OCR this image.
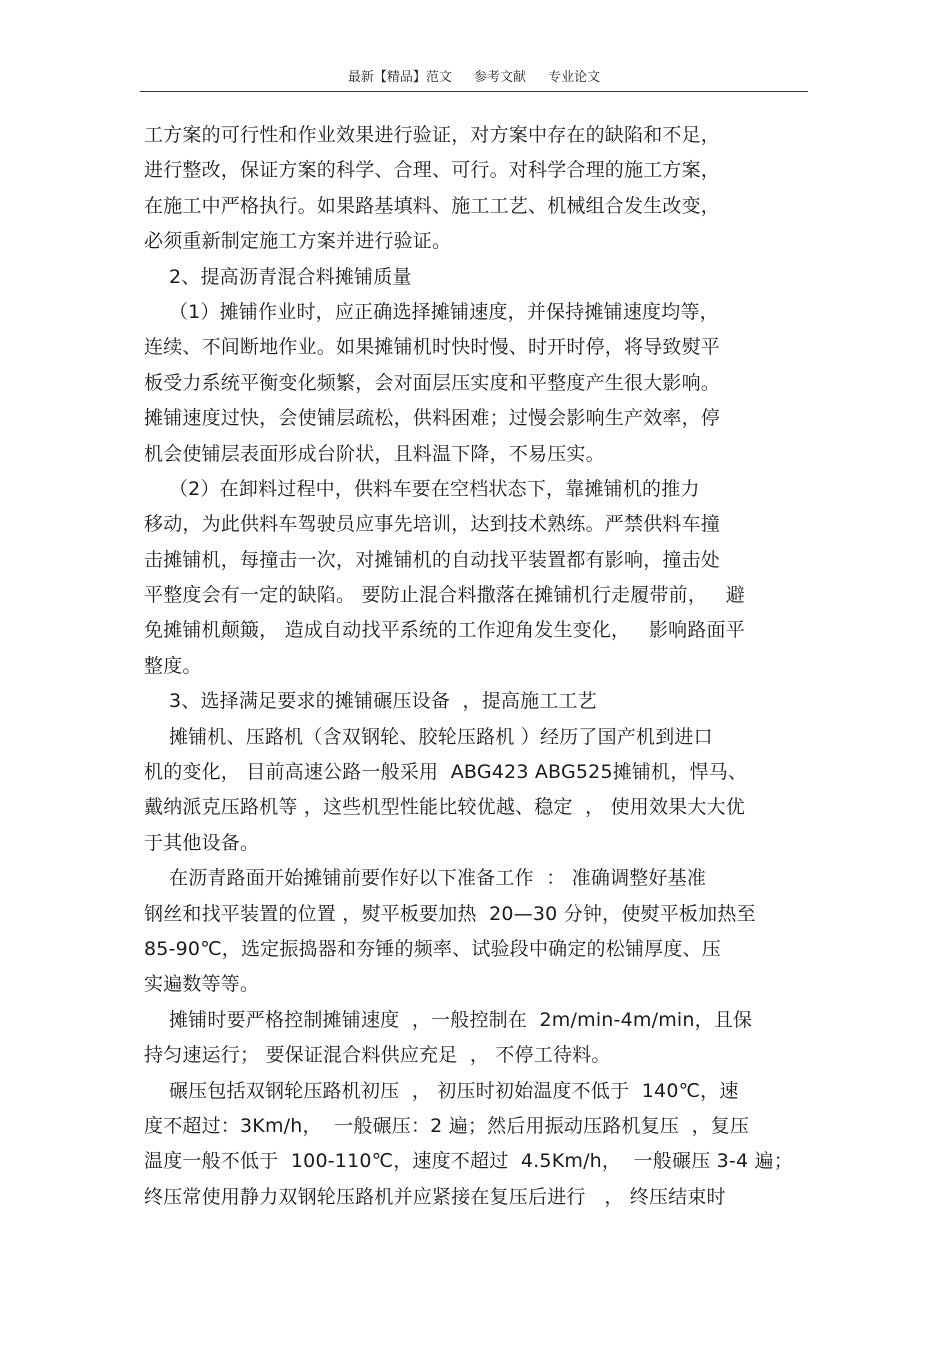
最新【精品】范文 参考文献 专业论文
工方案的可行性和作业效果进行验证，对方案中存在的缺陷和不足，
进行整改，保证方案的科学、合理、可行。对科学合理的施工方案，
在施工中严格执行。如果路基填料、施工工艺、机械组合发生改变，
必须重新制定施工方案并进行验证。
2、提高沥青混合料摊铺质量
（1）摊铺作业时，应正确选择摊铺速度，并保持摊铺速度均等，
连续、不间断地作业。如果摊铺机时快时慢、时开时停，将导致熨平
板受力系统平衡变化频繁，会对面层压实度和平整度产生很大影响。
摊铺速度过快，会使铺层疏松，供料困难；过慢会影响生产效率，停
机会使铺层表面形成台阶状，且料温下降，不易压实。
（2）在卸料过程中，供料车要在空档状态下，靠摊铺机的推力
移动，为此供料车驾驶员应事先培训，达到技术熟练。严禁供料车撞
击摊铺机，每撞击一次，对摊铺机的自动找平装置都有影响，撞击处
平整度会有一定的缺陷。 要防止混合料撒落在摊铺机行走履带前，   避
免摊铺机颠簸， 造成自动找平系统的工作迎角发生变化，   影响路面平
整度。
3、选择满足要求的摊铺碾压设备  ，提高施工工艺
摊铺机、压路机（含双钢轮、胶轮压路机 ）经历了国产机到进口
机的变化， 目前高速公路一般采用  ABG423 ABG525摊铺机，悍马、
戴纳派克压路机等 ，这些机型性能比较优越、稳定  ， 使用效果大大优
于其他设备。
在沥青路面开始摊铺前要作好以下准备工作  ： 准确调整好基准
钢丝和找平装置的位置 ，熨平板要加热  20—30 分钟，使熨平板加热至
85-90℃，选定振捣器和夯锤的频率、试验段中确定的松铺厚度、压
实遍数等等。
摊铺时要严格控制摊铺速度  ，一般控制在  2m/min-4m/min，且保
持匀速运行； 要保证混合料供应充足  ， 不停工待料。
碾压包括双钢轮压路机初压  ， 初压时初始温度不低于  140℃，速
度不超过：3Km/h，  一般碾压：2 遍；然后用振动压路机复压  ，复压
温度一般不低于  100-110℃，速度不超过  4.5Km/h，  一般碾压 3-4 遍；
终压常使用静力双钢轮压路机并应紧接在复压后进行   ， 终压结束时
